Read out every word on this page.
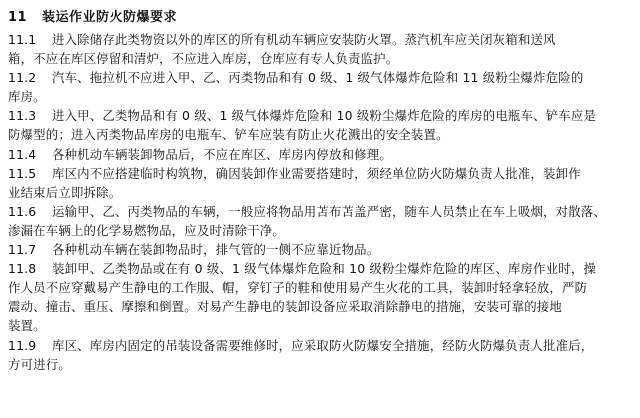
11	装运作业防火防爆要求
11.1 进入除储存此类物资以外的库区的所有机动车辆应安装防火罩。蒸汽机车应关闭灰箱和送风
箱，不应在库区停留和清炉，不应进入库房，仓库应有专人负责监护。
11.2 汽车、拖拉机不应进入甲、乙、丙类物品和有 0 级、1 级气体爆炸危险和 11 级粉尘爆炸危险的
库房。
11.3 进入甲、乙类物品和有 0 级、1 级气体爆炸危险和 10 级粉尘爆炸危险的库房的电瓶车、铲车应是
防爆型的；进入丙类物品库房的电瓶车、铲车应装有防止火花溅出的安全装置。
11.4 各种机动车辆装卸物品后，不应在库区、库房内停放和修理。
11.5 库区内不应搭建临时构筑物，确因装卸作业需要搭建时，须经单位防火防爆负责人批准，装卸作
业结束后立即拆除。
11.6 运输甲、乙、丙类物品的车辆，一般应将物品用苫布苫盖严密，随车人员禁止在车上吸烟，对散落、
渗漏在车辆上的化学易燃物品，应及时清除干净。
11.7 各种机动车辆在装卸物品时，排气管的一侧不应靠近物品。
11.8 装卸甲、乙类物品或在有 0 级、1 级气体爆炸危险和 10 级粉尘爆炸危险的库区、库房作业时，操
作人员不应穿戴易产生静电的工作服、帽，穿钉子的鞋和使用易产生火花的工具，装卸时轻拿轻放，严防
震动、撞击、重压、摩擦和倒置。对易产生静电的装卸设备应采取消除静电的措施，安装可靠的接地
装置。
11.9 库区、库房内固定的吊装设备需要维修时，应采取防火防爆安全措施，经防火防爆负责人批准后，
方可进行。
